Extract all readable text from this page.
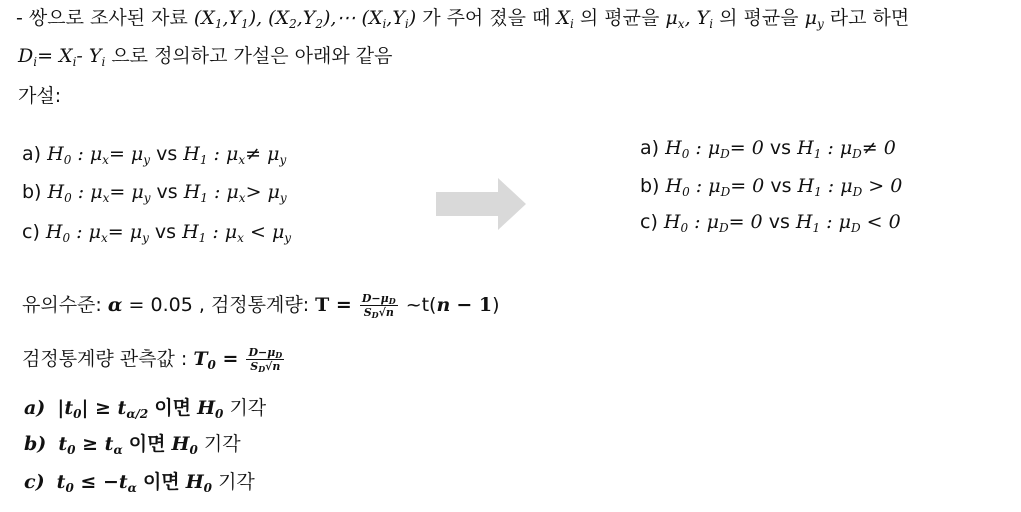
- 쌍으로 조사된 자료 $(X_1,Y_1)$, $(X_2,Y_2),\cdots$ $(X_i,Y_i)$ 가 주어 졌을 때 $X_i$ 의 평균을 $\mu_x$, $Y_i$ 의 평균을 $\mu_y$ 라고 하면
$D_i= X_i-$ $Y_i$ 으로 정의하고 가설은 아래와 같음
가설:
a) $H_0$ : $\mu_x= \mu_y$ vs $H_1$ : $\mu_x\ne \mu_y$
b) $H_0$ : $\mu_x= \mu_y$ vs $H_1$ : $\mu_x> \mu_y$
c) $H_0$ : $\mu_x= \mu_y$ vs $H_1$ : $\mu_x < \mu_y$
a) $H_0$ : $\mu_D= 0$ vs $H_1$ : $\mu_D\ne 0$
b) $H_0$ : $\mu_D= 0$ vs $H_1$ : $\mu_D > 0$
c) $H_0$ : $\mu_D= 0$ vs $H_1$ : $\mu_D < 0$
유의수준: α = 0.05 , 검정통계량: $T = \frac{D-\mu_D}{S_D√n}$ ~t(n − 1)
검정통계량 관측값 : $T_0 = \frac{D-\mu_D}{S_D√n}$
a) $|t_0| \ge t_{\alpha/2}$ 이면 $H_0$ 기각
b) $t_0 \ge t_\alpha$ 이면 $H_0$ 기각
c) $t_0 \le -t_\alpha$ 이면 $H_0$ 기각
